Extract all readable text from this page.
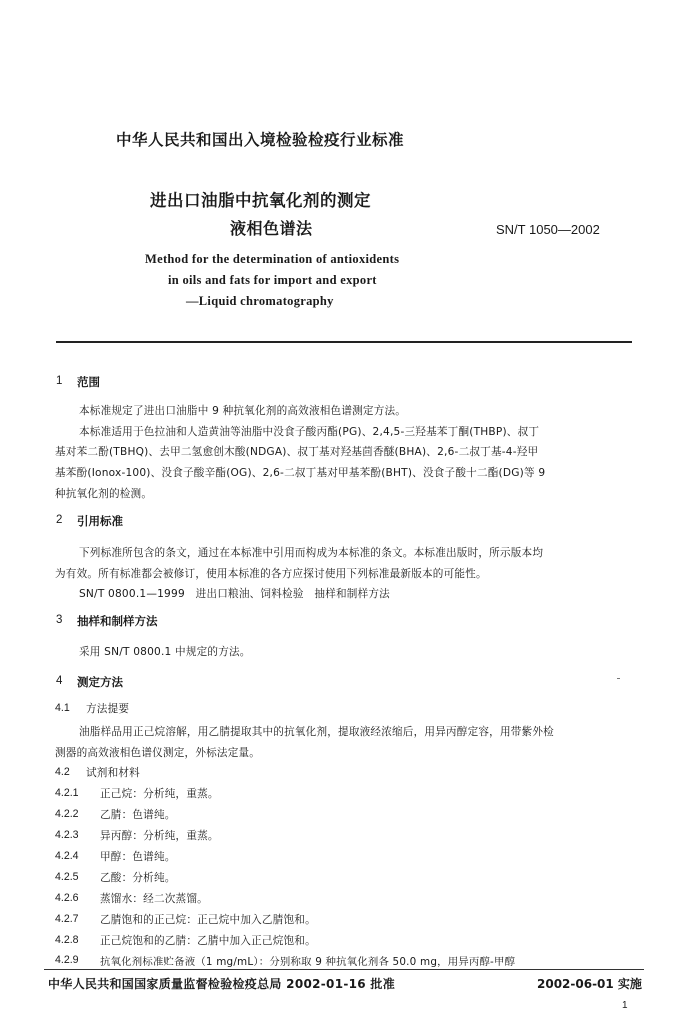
中华人民共和国出入境检验检疫行业标准
进出口油脂中抗氧化剂的测定
液相色谱法	SN/T 1050—2002
Method for the determination of antioxidents
in oils and fats for import and export
—Liquid chromatography
1 范围
本标准规定了进出口油脂中 9 种抗氧化剂的高效液相色谱测定方法。
本标准适用于色拉油和人造黄油等油脂中没食子酸丙酯(PG)、2,4,5-三羟基苯丁酮(THBP)、叔丁
基对苯二酚(TBHQ)、去甲二氢愈创木酸(NDGA)、叔丁基对羟基茴香醚(BHA)、2,6-二叔丁基-4-羟甲
基苯酚(Ionox-100)、没食子酸辛酯(OG)、2,6-二叔丁基对甲基苯酚(BHT)、没食子酸十二酯(DG)等 9
种抗氧化剂的检测。
2 引用标准
下列标准所包含的条文，通过在本标准中引用而构成为本标准的条文。本标准出版时，所示版本均
为有效。所有标准都会被修订，使用本标准的各方应探讨使用下列标准最新版本的可能性。
SN/T 0800.1—1999　进出口粮油、饲料检验　抽样和制样方法
3 抽样和制样方法
采用 SN/T 0800.1 中规定的方法。
4 测定方法
4.1 方法提要
油脂样品用正己烷溶解，用乙腈提取其中的抗氧化剂，提取液经浓缩后，用异丙醇定容，用带紫外检
测器的高效液相色谱仪测定，外标法定量。
4.2 试剂和材料
4.2.1 正己烷：分析纯，重蒸。
4.2.2 乙腈：色谱纯。
4.2.3 异丙醇：分析纯，重蒸。
4.2.4 甲醇：色谱纯。
4.2.5 乙酸：分析纯。
4.2.6 蒸馏水：经二次蒸馏。
4.2.7 乙腈饱和的正己烷：正己烷中加入乙腈饱和。
4.2.8 正己烷饱和的乙腈：乙腈中加入正己烷饱和。
4.2.9 抗氧化剂标准贮备液（1 mg/mL）：分别称取 9 种抗氧化剂各 50.0 mg，用异丙醇-甲醇
中华人民共和国国家质量监督检验检疫总局 2002-01-16 批准	2002-06-01 实施
1
